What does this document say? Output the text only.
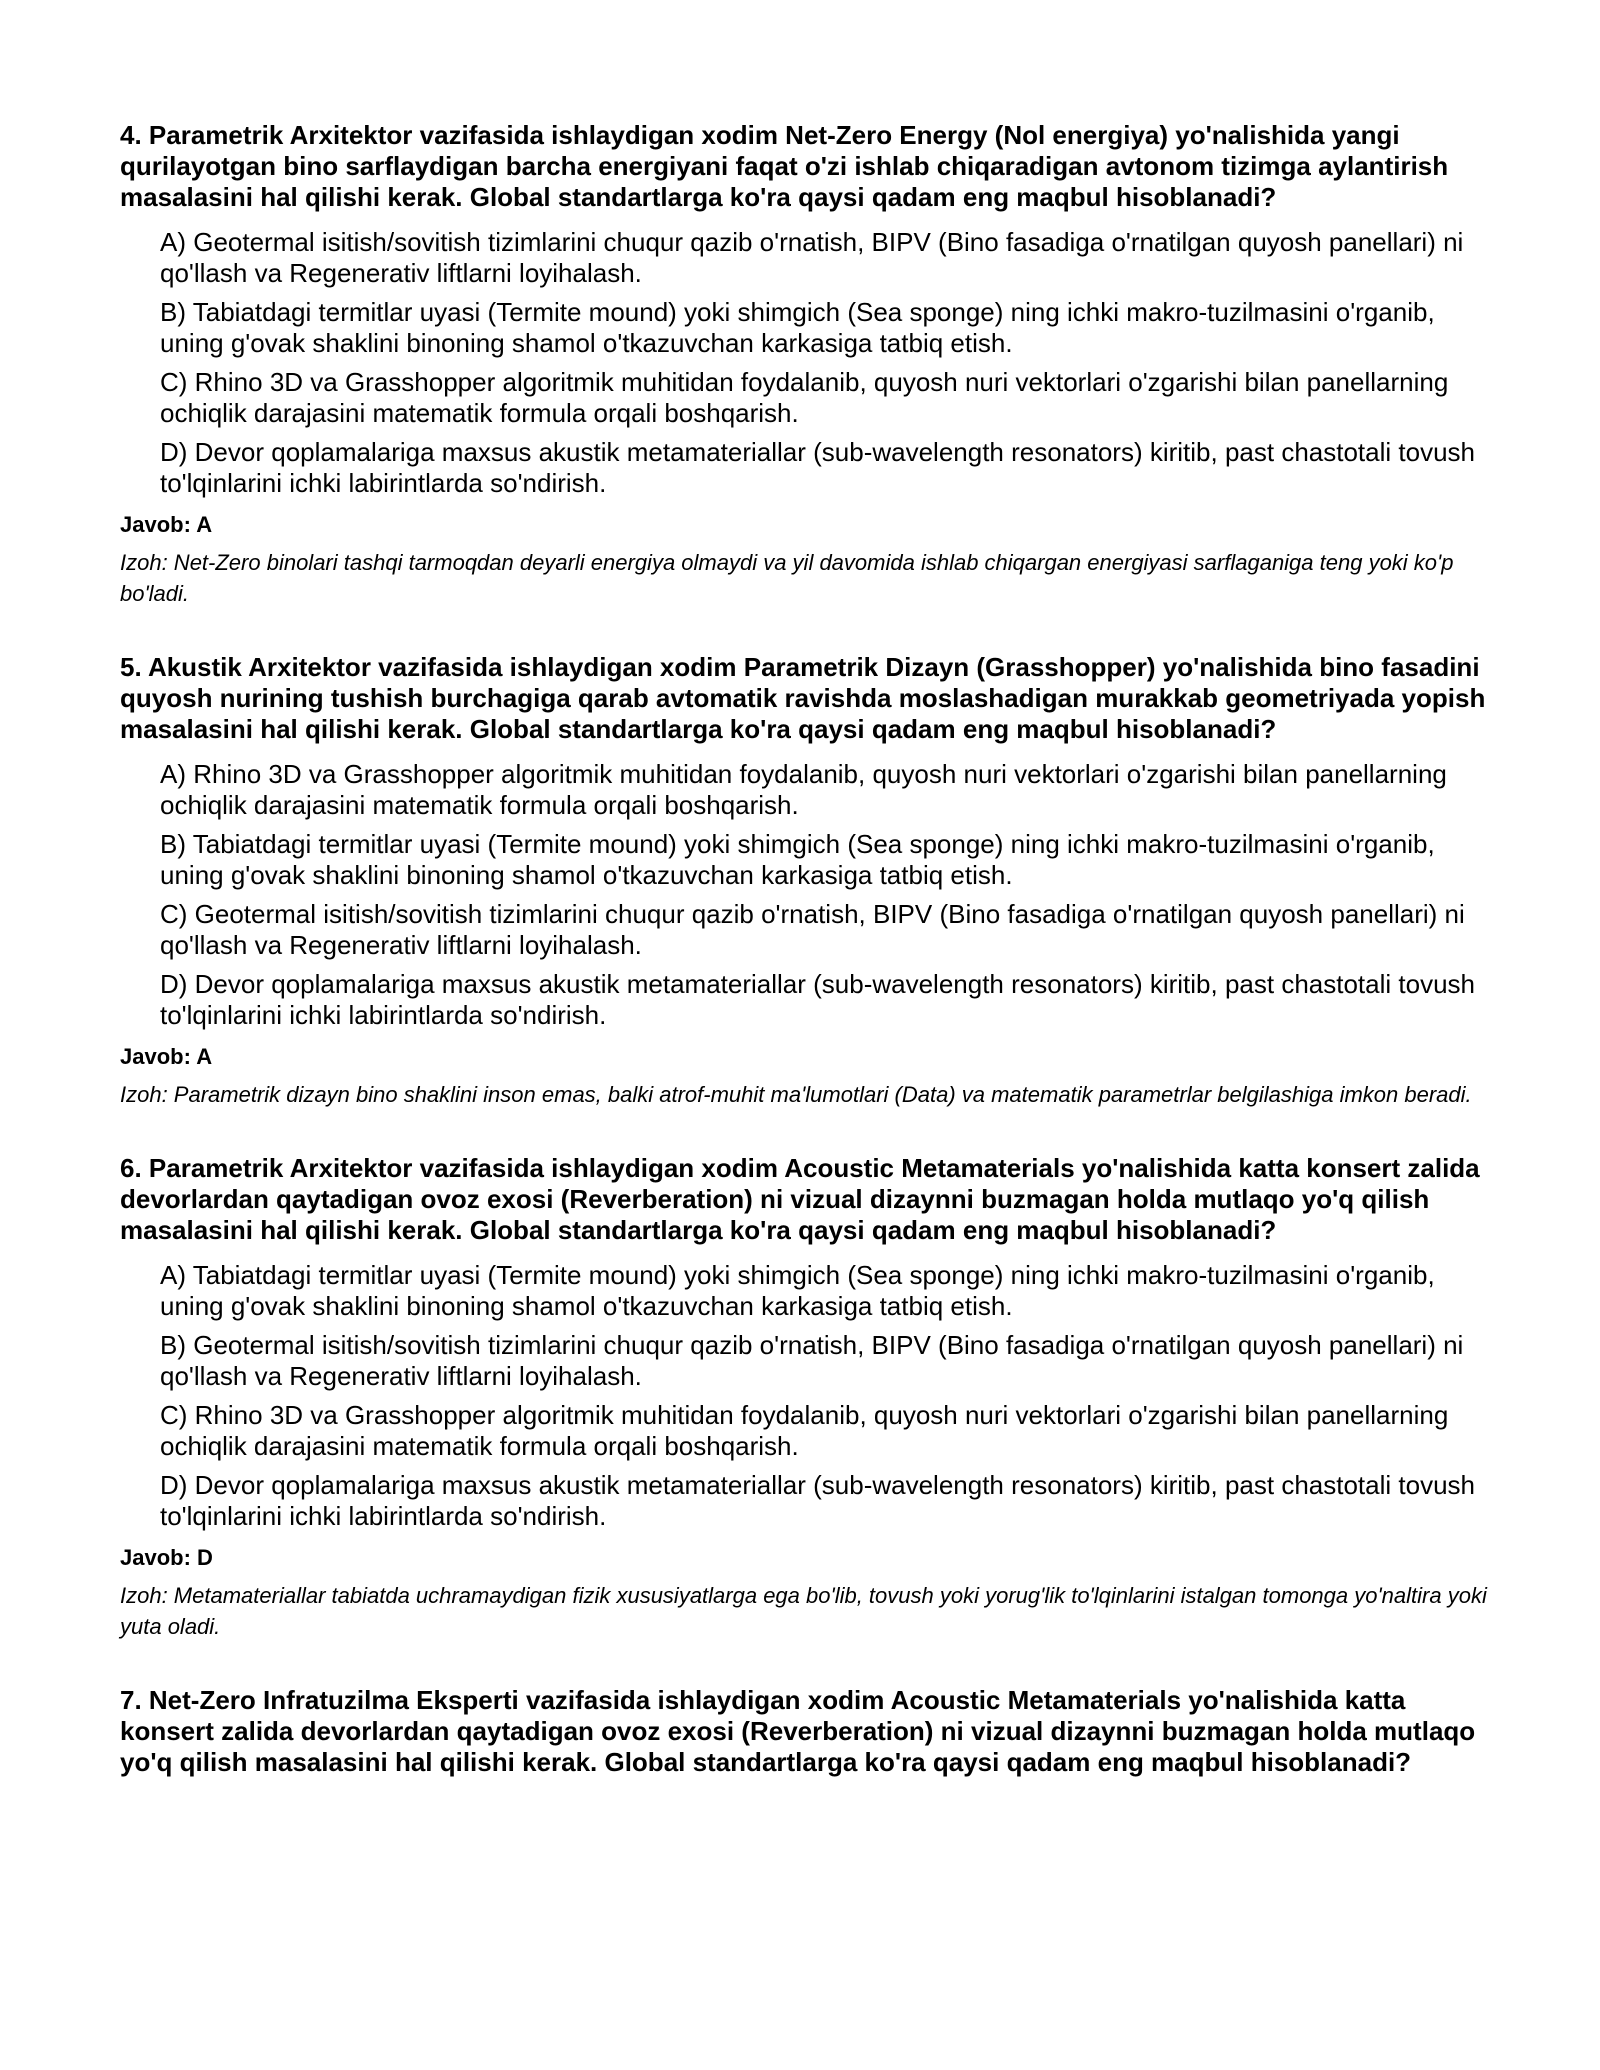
4. Parametrik Arxitektor vazifasida ishlaydigan xodim Net-Zero Energy (Nol energiya) yo'nalishida yangi qurilayotgan bino sarflaydigan barcha energiyani faqat o'zi ishlab chiqaradigan avtonom tizimga aylantirish masalasini hal qilishi kerak. Global standartlarga ko'ra qaysi qadam eng maqbul hisoblanadi?

A) Geotermal isitish/sovitish tizimlarini chuqur qazib o'rnatish, BIPV (Bino fasadiga o'rnatilgan quyosh panellari) ni qo'llash va Regenerativ liftlarni loyihalash.
B) Tabiatdagi termitlar uyasi (Termite mound) yoki shimgich (Sea sponge) ning ichki makro-tuzilmasini o'rganib, uning g'ovak shaklini binoning shamol o'tkazuvchan karkasiga tatbiq etish.
C) Rhino 3D va Grasshopper algoritmik muhitidan foydalanib, quyosh nuri vektorlari o'zgarishi bilan panellarning ochiqlik darajasini matematik formula orqali boshqarish.
D) Devor qoplamalariga maxsus akustik metamateriallar (sub-wavelength resonators) kiritib, past chastotali tovush to'lqinlarini ichki labirintlarda so'ndirish.

Javob: A

Izoh: Net-Zero binolari tashqi tarmoqdan deyarli energiya olmaydi va yil davomida ishlab chiqargan energiyasi sarflaganiga teng yoki ko'p bo'ladi.

5. Akustik Arxitektor vazifasida ishlaydigan xodim Parametrik Dizayn (Grasshopper) yo'nalishida bino fasadini quyosh nurining tushish burchagiga qarab avtomatik ravishda moslashadigan murakkab geometriyada yopish masalasini hal qilishi kerak. Global standartlarga ko'ra qaysi qadam eng maqbul hisoblanadi?

A) Rhino 3D va Grasshopper algoritmik muhitidan foydalanib, quyosh nuri vektorlari o'zgarishi bilan panellarning ochiqlik darajasini matematik formula orqali boshqarish.
B) Tabiatdagi termitlar uyasi (Termite mound) yoki shimgich (Sea sponge) ning ichki makro-tuzilmasini o'rganib, uning g'ovak shaklini binoning shamol o'tkazuvchan karkasiga tatbiq etish.
C) Geotermal isitish/sovitish tizimlarini chuqur qazib o'rnatish, BIPV (Bino fasadiga o'rnatilgan quyosh panellari) ni qo'llash va Regenerativ liftlarni loyihalash.
D) Devor qoplamalariga maxsus akustik metamateriallar (sub-wavelength resonators) kiritib, past chastotali tovush to'lqinlarini ichki labirintlarda so'ndirish.

Javob: A

Izoh: Parametrik dizayn bino shaklini inson emas, balki atrof-muhit ma'lumotlari (Data) va matematik parametrlar belgilashiga imkon beradi.

6. Parametrik Arxitektor vazifasida ishlaydigan xodim Acoustic Metamaterials yo'nalishida katta konsert zalida devorlardan qaytadigan ovoz exosi (Reverberation) ni vizual dizaynni buzmagan holda mutlaqo yo'q qilish masalasini hal qilishi kerak. Global standartlarga ko'ra qaysi qadam eng maqbul hisoblanadi?

A) Tabiatdagi termitlar uyasi (Termite mound) yoki shimgich (Sea sponge) ning ichki makro-tuzilmasini o'rganib, uning g'ovak shaklini binoning shamol o'tkazuvchan karkasiga tatbiq etish.
B) Geotermal isitish/sovitish tizimlarini chuqur qazib o'rnatish, BIPV (Bino fasadiga o'rnatilgan quyosh panellari) ni qo'llash va Regenerativ liftlarni loyihalash.
C) Rhino 3D va Grasshopper algoritmik muhitidan foydalanib, quyosh nuri vektorlari o'zgarishi bilan panellarning ochiqlik darajasini matematik formula orqali boshqarish.
D) Devor qoplamalariga maxsus akustik metamateriallar (sub-wavelength resonators) kiritib, past chastotali tovush to'lqinlarini ichki labirintlarda so'ndirish.

Javob: D

Izoh: Metamateriallar tabiatda uchramaydigan fizik xususiyatlarga ega bo'lib, tovush yoki yorug'lik to'lqinlarini istalgan tomonga yo'naltira yoki yuta oladi.

7. Net-Zero Infratuzilma Eksperti vazifasida ishlaydigan xodim Acoustic Metamaterials yo'nalishida katta konsert zalida devorlardan qaytadigan ovoz exosi (Reverberation) ni vizual dizaynni buzmagan holda mutlaqo yo'q qilish masalasini hal qilishi kerak. Global standartlarga ko'ra qaysi qadam eng maqbul hisoblanadi?
